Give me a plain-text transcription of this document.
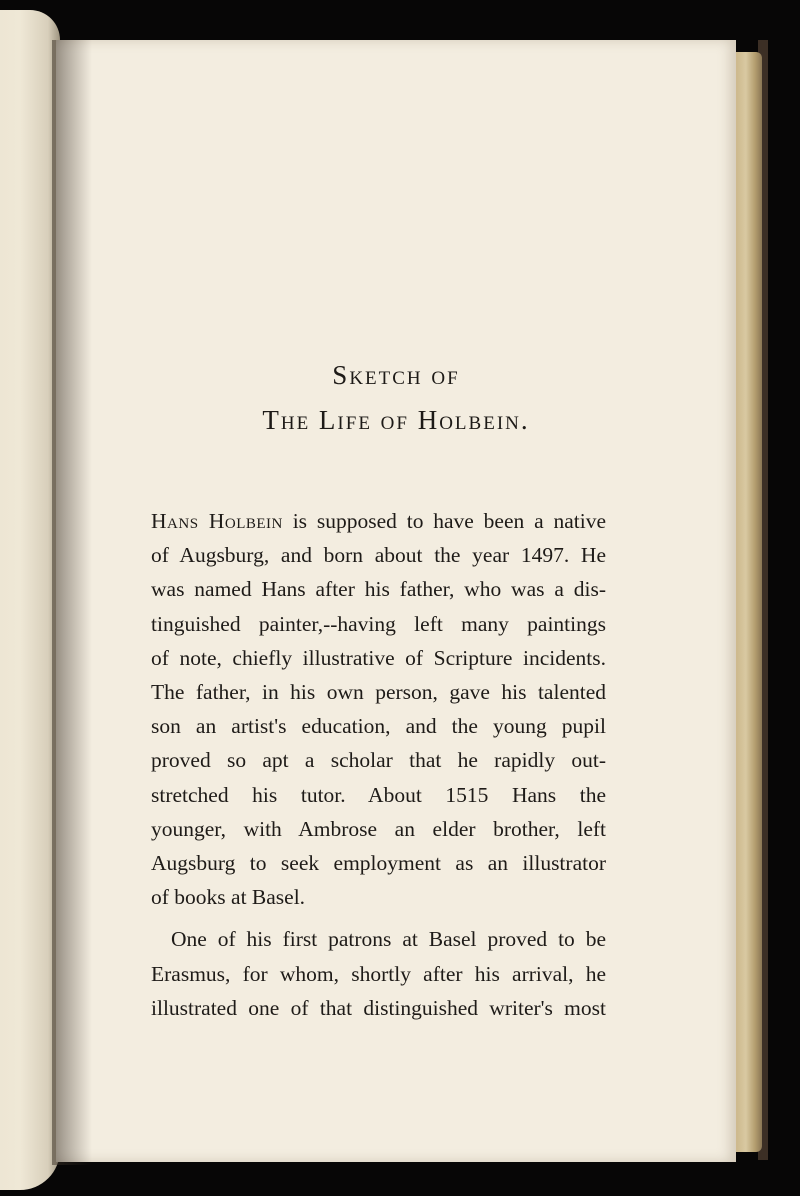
Sketch of
The Life of Holbein.
Hans Holbein is supposed to have been a native
of Augsburg, and born about the year 1497. He
was named Hans after his father, who was a dis-
tinguished painter,--having left many paintings
of note, chiefly illustrative of Scripture incidents.
The father, in his own person, gave his talented
son an artist's education, and the young pupil
proved so apt a scholar that he rapidly out-
stretched his tutor. About 1515 Hans the
younger, with Ambrose an elder brother, left
Augsburg to seek employment as an illustrator
of books at Basel.
One of his first patrons at Basel proved to be
Erasmus, for whom, shortly after his arrival, he
illustrated one of that distinguished writer's most
